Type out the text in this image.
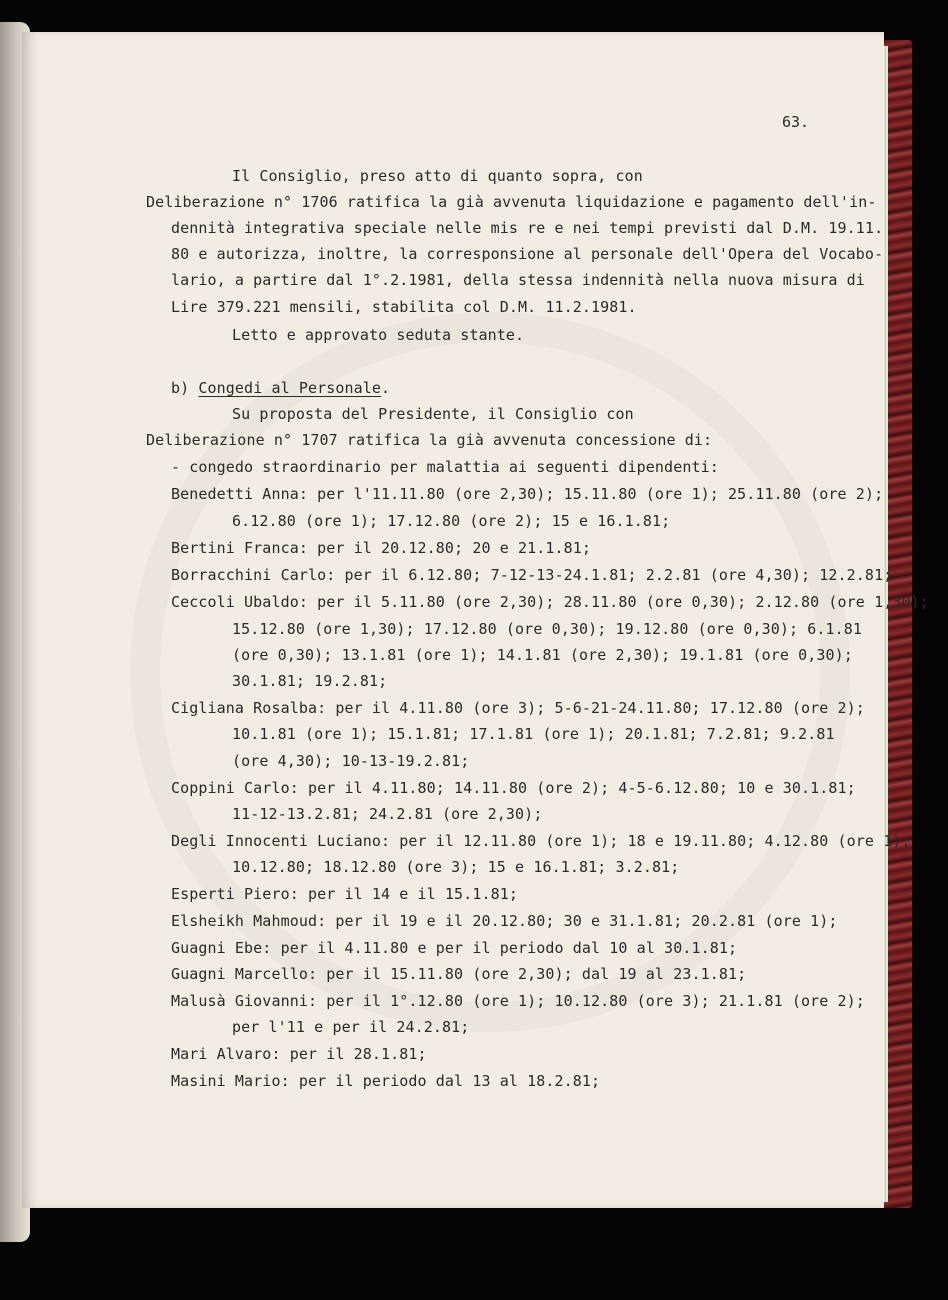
63.
Il Consiglio, preso atto di quanto sopra, con
Deliberazione n° 1706 ratifica la già avvenuta liquidazione e pagamento dell'in-
dennità integrativa speciale nelle mis re e nei tempi previsti dal D.M. 19.11.
80 e autorizza, inoltre, la corresponsione al personale dell'Opera del Vocabo-
lario, a partire dal 1°.2.1981, della stessa indennità nella nuova misura di
Lire 379.221 mensili, stabilita col D.M. 11.2.1981.
Letto e approvato seduta stante.
b) Congedi al Personale.
Su proposta del Presidente, il Consiglio con
Deliberazione n° 1707 ratifica la già avvenuta concessione di:
- congedo straordinario per malattia ai seguenti dipendenti:
Benedetti Anna: per l'11.11.80 (ore 2,30); 15.11.80 (ore 1); 25.11.80 (ore 2);
6.12.80 (ore 1); 17.12.80 (ore 2); 15 e 16.1.81;
Bertini Franca: per il 20.12.80; 20 e 21.1.81;
Borracchini Carlo: per il 6.12.80; 7-12-13-24.1.81; 2.2.81 (ore 4,30); 12.2.81;
Ceccoli Ubaldo: per il 5.11.80 (ore 2,30); 28.11.80 (ore 0,30); 2.12.80 (ore 1,30);
15.12.80 (ore 1,30); 17.12.80 (ore 0,30); 19.12.80 (ore 0,30); 6.1.81
(ore 0,30); 13.1.81 (ore 1); 14.1.81 (ore 2,30); 19.1.81 (ore 0,30);
30.1.81; 19.2.81;
Cigliana Rosalba: per il 4.11.80 (ore 3); 5-6-21-24.11.80; 17.12.80 (ore 2);
10.1.81 (ore 1); 15.1.81; 17.1.81 (ore 1); 20.1.81; 7.2.81; 9.2.81
(ore 4,30); 10-13-19.2.81;
Coppini Carlo: per il 4.11.80; 14.11.80 (ore 2); 4-5-6.12.80; 10 e 30.1.81;
11-12-13.2.81; 24.2.81 (ore 2,30);
Degli Innocenti Luciano: per il 12.11.80 (ore 1); 18 e 19.11.80; 4.12.80 (ore 1);
10.12.80; 18.12.80 (ore 3); 15 e 16.1.81; 3.2.81;
Esperti Piero: per il 14 e il 15.1.81;
Elsheikh Mahmoud: per il 19 e il 20.12.80; 30 e 31.1.81; 20.2.81 (ore 1);
Guagni Ebe: per il 4.11.80 e per il periodo dal 10 al 30.1.81;
Guagni Marcello: per il 15.11.80 (ore 2,30); dal 19 al 23.1.81;
Malusà Giovanni: per il 1°.12.80 (ore 1); 10.12.80 (ore 3); 21.1.81 (ore 2);
per l'11 e per il 24.2.81;
Mari Alvaro: per il 28.1.81;
Masini Mario: per il periodo dal 13 al 18.2.81;
